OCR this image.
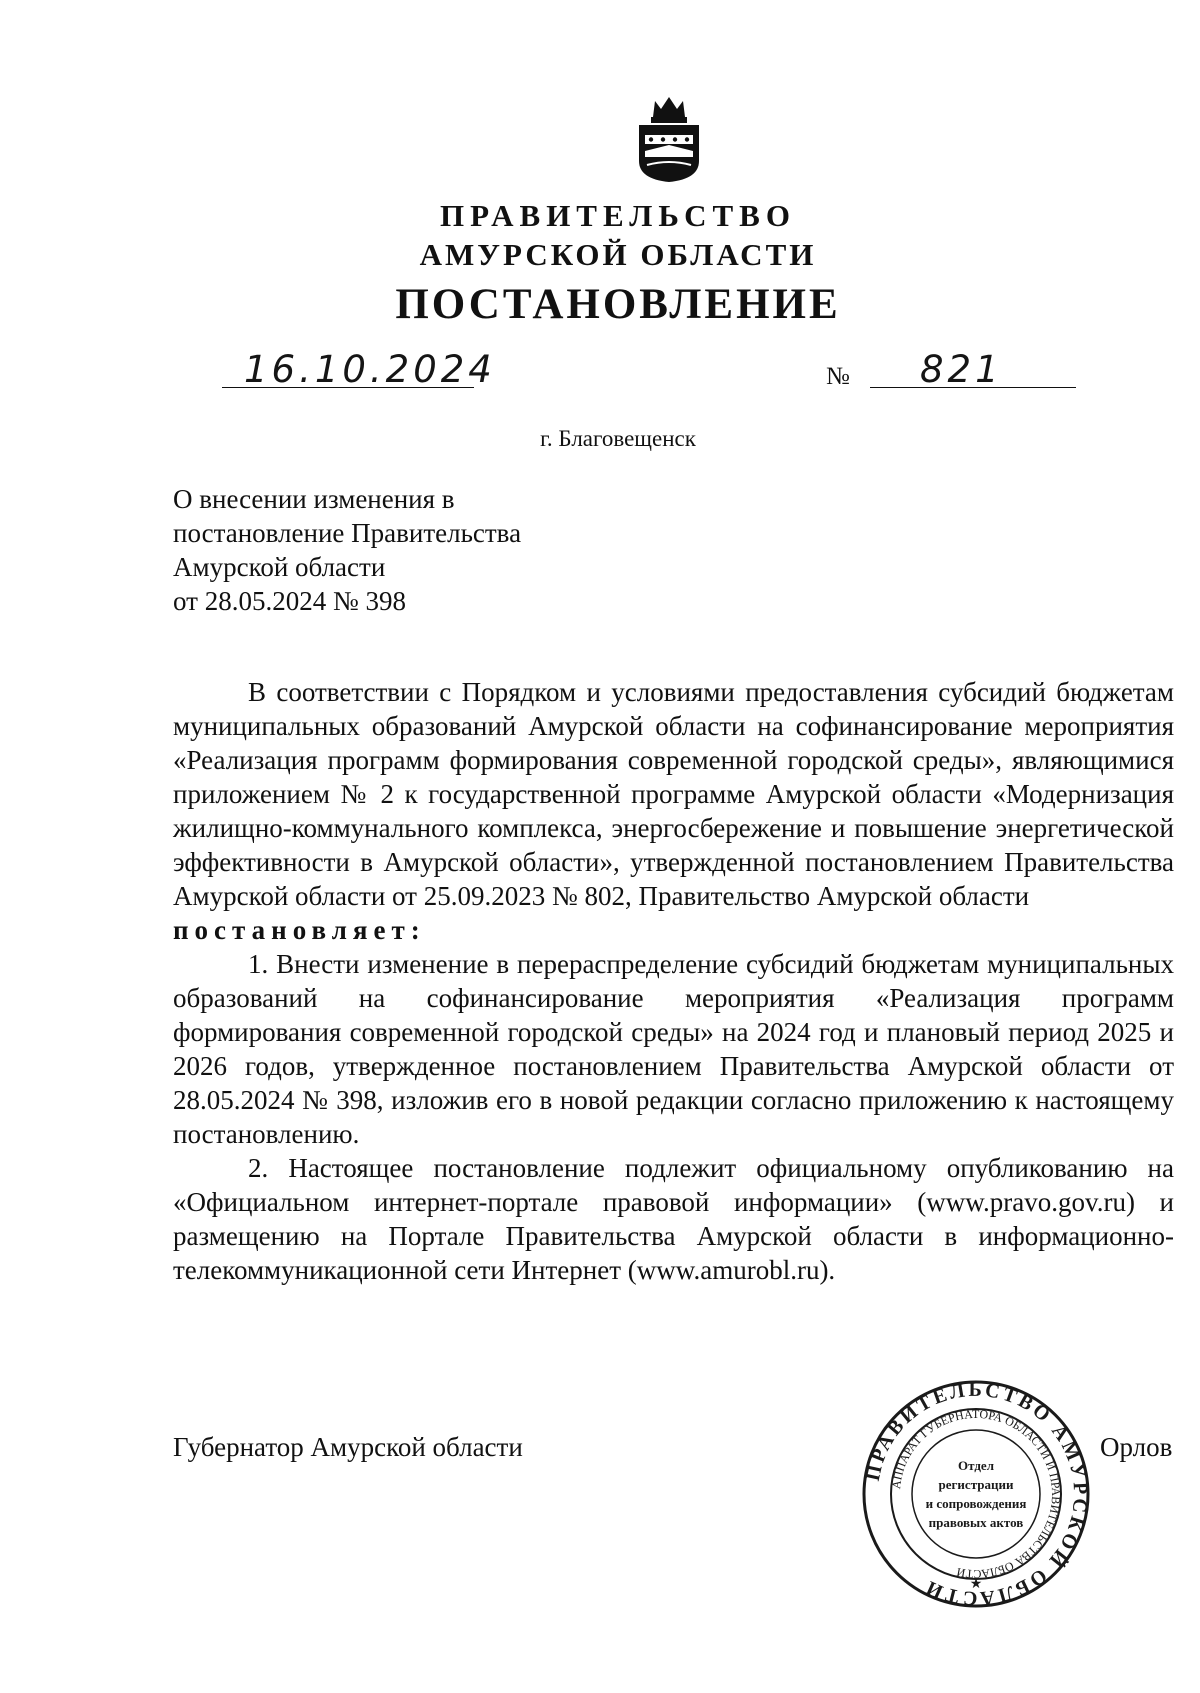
ПРАВИТЕЛЬСТВО
АМУРСКОЙ ОБЛАСТИ
ПОСТАНОВЛЕНИЕ
16.10.2024	№ 821
г. Благовещенск
О внесении изменения в
постановление Правительства
Амурской области
от 28.05.2024 № 398

В соответствии с Порядком и условиями предоставления субсидий бюджетам муниципальных образований Амурской области на софинансирование мероприятия «Реализация программ формирования современной городской среды», являющимися приложением № 2 к государственной программе Амурской области «Модернизация жилищно-коммунального комплекса, энергосбережение и повышение энергетической эффективности в Амурской области», утвержденной постановлением Правительства Амурской области от 25.09.2023 № 802, Правительство Амурской области

постановляет:

1. Внести изменение в перераспределение субсидий бюджетам муниципальных образований на софинансирование мероприятия «Реализация программ формирования современной городской среды» на 2024 год и плановый период 2025 и 2026 годов, утвержденное постановлением Правительства Амурской области от 28.05.2024 № 398, изложив его в новой редакции согласно приложению к настоящему постановлению.

2. Настоящее постановление подлежит официальному опубликованию на «Официальном интернет-портале правовой информации» (www.pravo.gov.ru) и размещению на Портале Правительства Амурской области в информационно-телекоммуникационной сети Интернет (www.amurobl.ru).

Губернатор Амурской области	Орлов
ПРАВИТЕЛЬСТВО АМУРСКОЙ ОБЛАСТИ
АППАРАТ ГУБЕРНАТОРА ОБЛАСТИ И ПРАВИТЕЛЬСТВА ОБЛАСТИ
Отдел
регистрации
и сопровождения
правовых актов
★
